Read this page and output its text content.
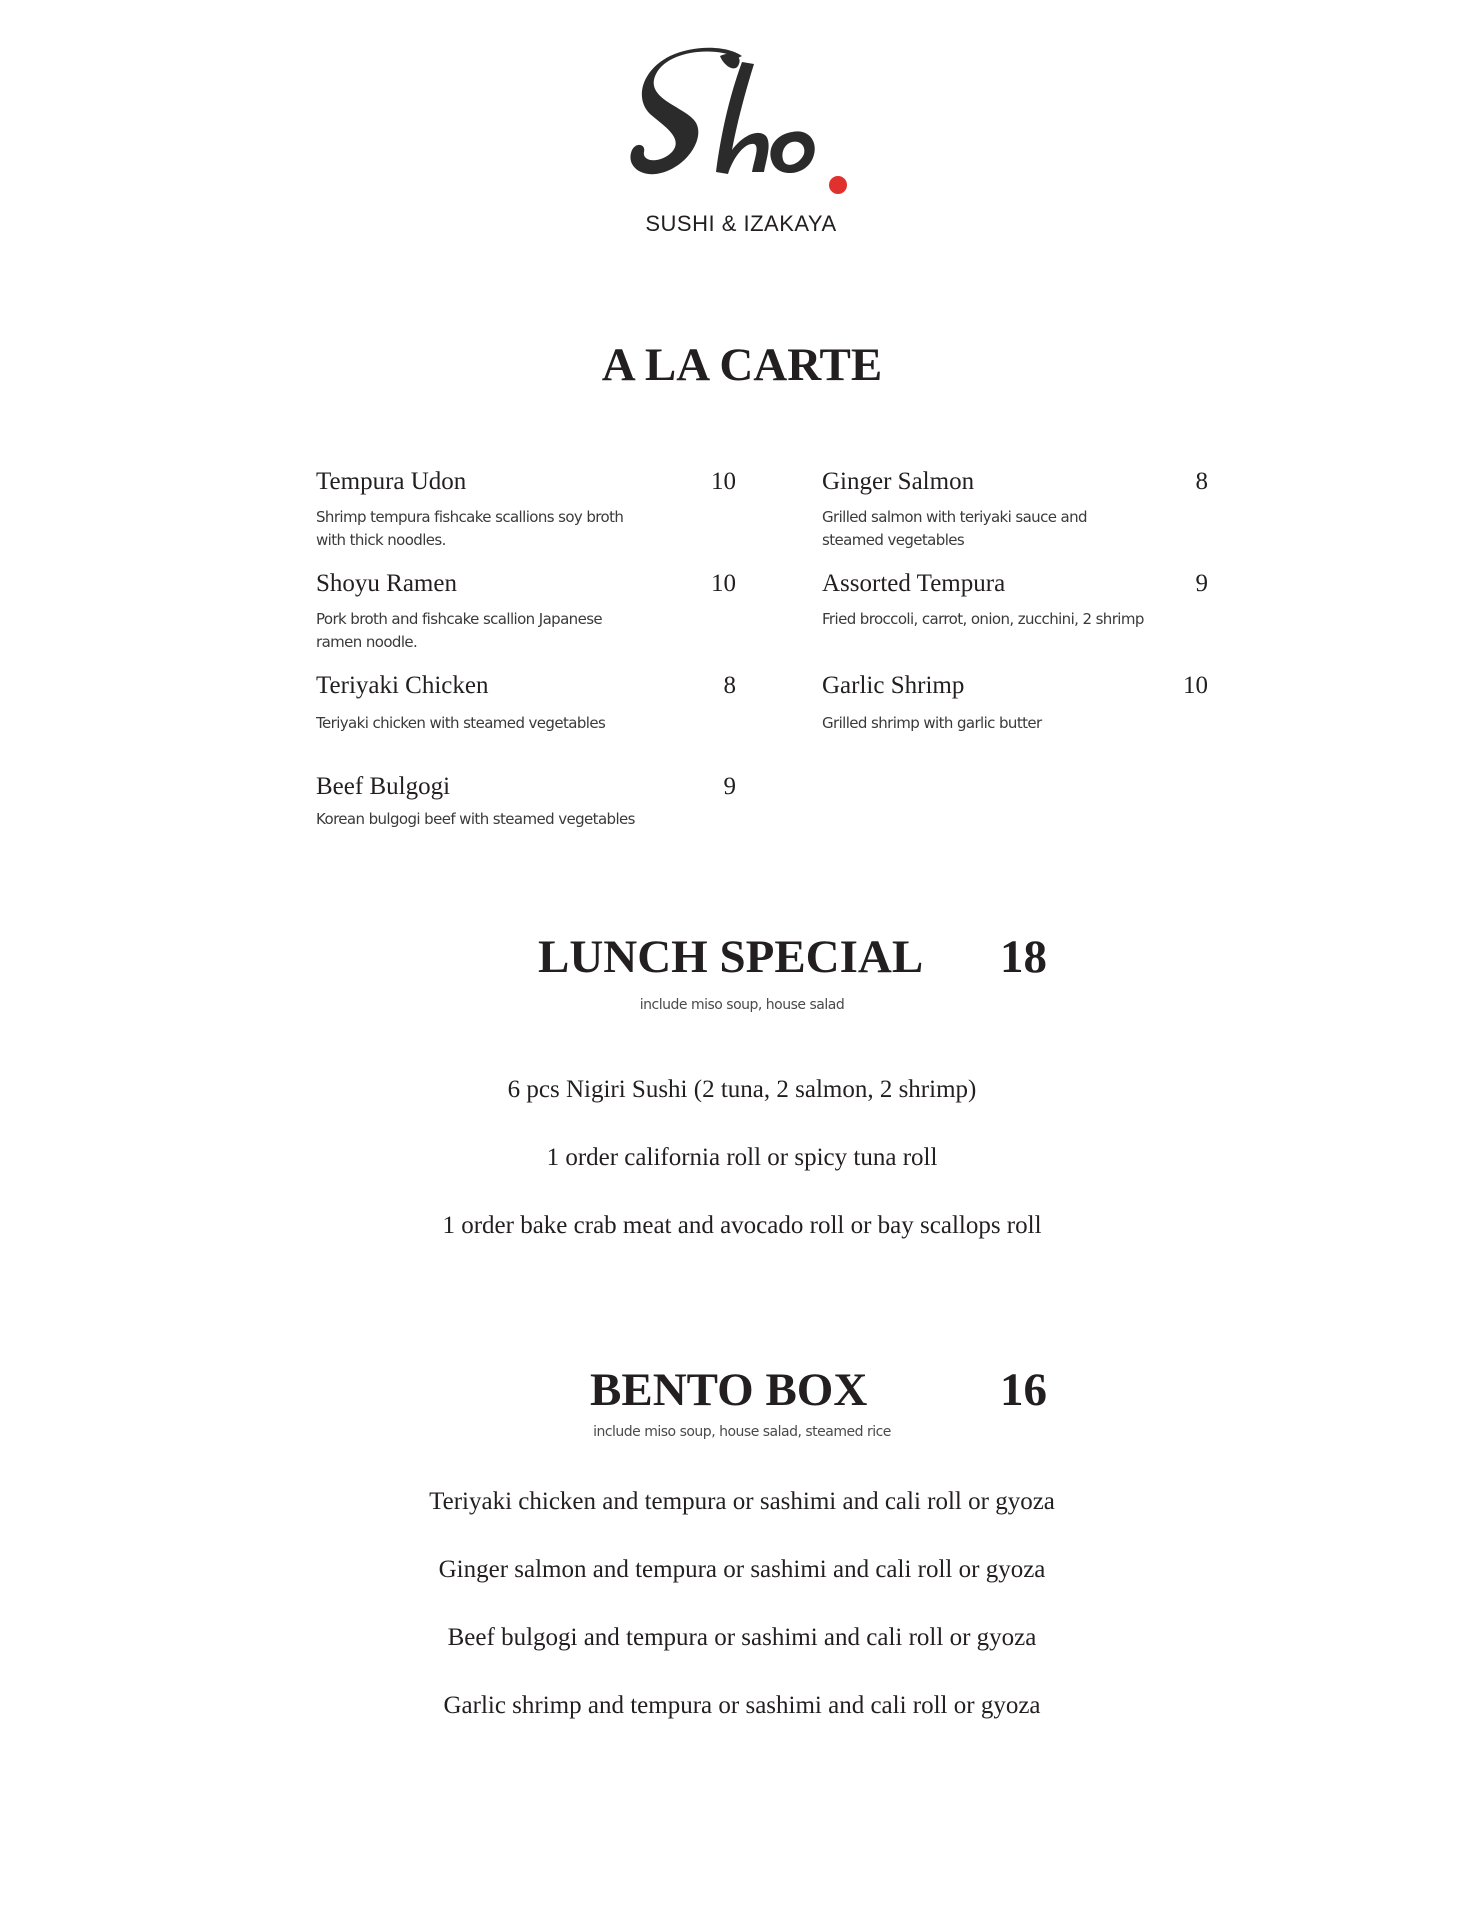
SUSHI & IZAKAYA
A LA CARTE
Tempura Udon	10
Shrimp tempura fishcake scallions soy broth
with thick noodles.
Shoyu Ramen	10
Pork broth and fishcake scallion Japanese
ramen noodle.
Teriyaki Chicken	8
Teriyaki chicken with steamed vegetables
Beef Bulgogi	9
Korean bulgogi beef with steamed vegetables
Ginger Salmon	8
Grilled salmon with teriyaki sauce and
steamed vegetables
Assorted Tempura	9
Fried broccoli, carrot, onion, zucchini, 2 shrimp
Garlic Shrimp	10
Grilled shrimp with garlic butter
LUNCH SPECIAL 18
include miso soup, house salad
6 pcs Nigiri Sushi (2 tuna, 2 salmon, 2 shrimp)
1 order california roll or spicy tuna roll
1 order bake crab meat and avocado roll or bay scallops roll
BENTO BOX	16
include miso soup, house salad, steamed rice
Teriyaki chicken and tempura or sashimi and cali roll or gyoza
Ginger salmon and tempura or sashimi and cali roll or gyoza
Beef bulgogi and tempura or sashimi and cali roll or gyoza
Garlic shrimp and tempura or sashimi and cali roll or gyoza
